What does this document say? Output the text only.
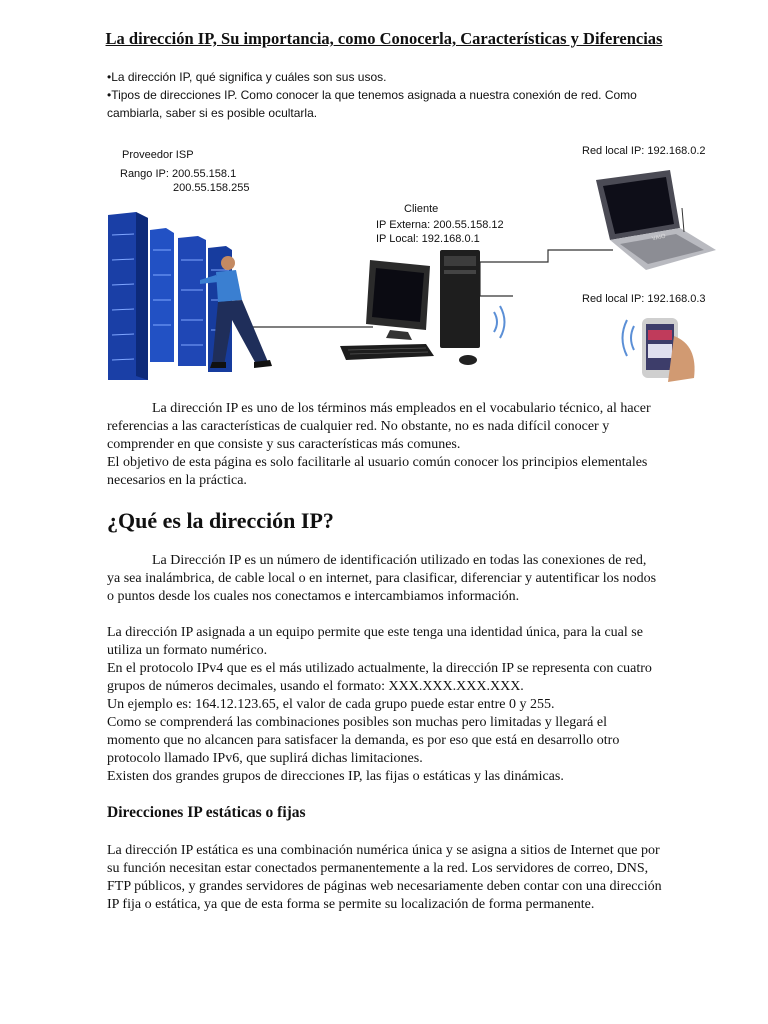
La dirección IP, Su importancia, como Conocerla, Características y Diferencias
•La dirección IP, qué significa y cuáles son sus usos.
•Tipos de direcciones IP. Como conocer la que tenemos asignada a nuestra conexión de red. Como cambiarla, saber si es posible ocultarla.
Proveedor ISP
Rango IP: 200.55.158.1
200.55.158.255
Cliente
IP Externa: 200.55.158.12
IP Local: 192.168.0.1
Red local IP: 192.168.0.2
Red local IP: 192.168.0.3
VAIO
La dirección IP es uno de los términos más empleados en el vocabulario técnico, al hacer referencias a las características de cualquier red. No obstante, no es nada difícil conocer y comprender en que consiste y sus características más comunes.
El objetivo de esta página es solo facilitarle al usuario común conocer los principios elementales necesarios en la práctica.
¿Qué es la dirección IP?
La Dirección IP es un número de identificación utilizado en todas las conexiones de red, ya sea inalámbrica, de cable local o en internet, para clasificar, diferenciar y autentificar los nodos o puntos desde los cuales nos conectamos e intercambiamos información.
La dirección IP asignada a un equipo permite que este tenga una identidad única, para la cual se utiliza un formato numérico.
En el protocolo IPv4 que es el más utilizado actualmente, la dirección IP se representa con cuatro grupos de números decimales, usando el formato: XXX.XXX.XXX.XXX.
Un ejemplo es: 164.12.123.65, el valor de cada grupo puede estar entre 0 y 255.
Como se comprenderá las combinaciones posibles son muchas pero limitadas y llegará el momento que no alcancen para satisfacer la demanda, es por eso que está en desarrollo otro protocolo llamado IPv6, que suplirá dichas limitaciones.
Existen dos grandes grupos de direcciones IP, las fijas o estáticas y las dinámicas.
Direcciones IP estáticas o fijas
La dirección IP estática es una combinación numérica única y se asigna a sitios de Internet que por su función necesitan estar conectados permanentemente a la red. Los servidores de correo, DNS, FTP públicos, y grandes servidores de páginas web necesariamente deben contar con una dirección IP fija o estática, ya que de esta forma se permite su localización de forma permanente.
